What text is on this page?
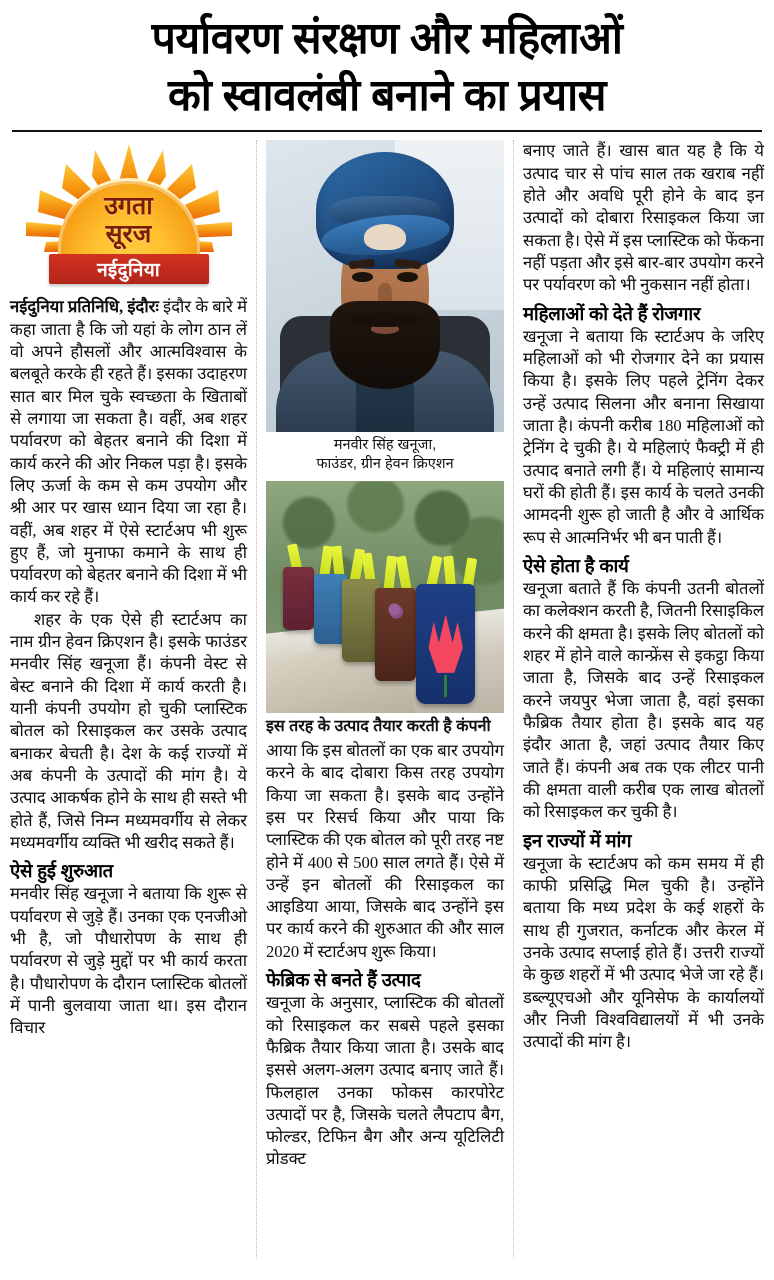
पर्यावरण संरक्षण और महिलाओं
को स्वावलंबी बनाने का प्रयास
उगता
सूरज
नईदुनिया

नईदुनिया प्रतिनिधि, इंदौरः इंदौर के बारे में कहा जाता है कि जो यहां के लोग ठान लें वो अपने हौसलों और आत्मविश्वास के बलबूते करके ही रहते हैं। इसका उदाहरण सात बार मिल चुके स्वच्छता के खिताबों से लगाया जा सकता है। वहीं, अब शहर पर्यावरण को बेहतर बनाने की दिशा में कार्य करने की ओर निकल पड़ा है। इसके लिए ऊर्जा के कम से कम उपयोग और श्री आर पर खास ध्यान दिया जा रहा है। वहीं, अब शहर में ऐसे स्टार्टअप भी शुरू हुए हैं, जो मुनाफा कमाने के साथ ही पर्यावरण को बेहतर बनाने की दिशा में भी कार्य कर रहे हैं।

शहर के एक ऐसे ही स्टार्टअप का नाम ग्रीन हेवन क्रिएशन है। इसके फाउंडर मनवीर सिंह खनूजा हैं। कंपनी वेस्ट से बेस्ट बनाने की दिशा में कार्य करती है। यानी कंपनी उपयोग हो चुकी प्लास्टिक बोतल को रिसाइकल कर उसके उत्पाद बनाकर बेचती है। देश के कई राज्यों में अब कंपनी के उत्पादों की मांग है। ये उत्पाद आकर्षक होने के साथ ही सस्ते भी होते हैं, जिसे निम्न मध्यमवर्गीय से लेकर मध्यमवर्गीय व्यक्ति भी खरीद सकते हैं।

ऐसे हुई शुरुआत

मनवीर सिंह खनूजा ने बताया कि शुरू से पर्यावरण से जुड़े हैं। उनका एक एनजीओ भी है, जो पौधारोपण के साथ ही पर्यावरण से जुड़े मुद्दों पर भी कार्य करता है। पौधारोपण के दौरान प्लास्टिक बोतलों में पानी बुलवाया जाता था। इस दौरान विचार

मनवीर सिंह खनूजा,
फाउंडर, ग्रीन हेवन क्रिएशन
इस तरह के उत्पाद तैयार करती है कंपनी

आया कि इस बोतलों का एक बार उपयोग करने के बाद दोबारा किस तरह उपयोग किया जा सकता है। इसके बाद उन्होंने इस पर रिसर्च किया और पाया कि प्लास्टिक की एक बोतल को पूरी तरह नष्ट होने में 400 से 500 साल लगते हैं। ऐसे में उन्हें इन बोतलों की रिसाइकल का आइडिया आया, जिसके बाद उन्होंने इस पर कार्य करने की शुरुआत की और साल 2020 में स्टार्टअप शुरू किया।

फेब्रिक से बनते हैं उत्पाद

खनूजा के अनुसार, प्लास्टिक की बोतलों को रिसाइकल कर सबसे पहले इसका फैब्रिक तैयार किया जाता है। उसके बाद इससे अलग-अलग उत्पाद बनाए जाते हैं। फिलहाल उनका फोकस कारपोरेट उत्पादों पर है, जिसके चलते लैपटाप बैग, फोल्डर, टिफिन बैग और अन्य यूटिलिटी प्रोडक्ट

बनाए जाते हैं। खास बात यह है कि ये उत्पाद चार से पांच साल तक खराब नहीं होते और अवधि पूरी होने के बाद इन उत्पादों को दोबारा रिसाइकल किया जा सकता है। ऐसे में इस प्लास्टिक को फेंकना नहीं पड़ता और इसे बार-बार उपयोग करने पर पर्यावरण को भी नुकसान नहीं होता।

महिलाओं को देते हैं रोजगार

खनूजा ने बताया कि स्टार्टअप के जरिए महिलाओं को भी रोजगार देने का प्रयास किया है। इसके लिए पहले ट्रेनिंग देकर उन्हें उत्पाद सिलना और बनाना सिखाया जाता है। कंपनी करीब 180 महिलाओं को ट्रेनिंग दे चुकी है। ये महिलाएं फैक्ट्री में ही उत्पाद बनाते लगी हैं। ये महिलाएं सामान्य घरों की होती हैं। इस कार्य के चलते उनकी आमदनी शुरू हो जाती है और वे आर्थिक रूप से आत्मनिर्भर भी बन पाती हैं।

ऐसे होता है कार्य

खनूजा बताते हैं कि कंपनी उतनी बोतलों का कलेक्शन करती है, जितनी रिसाइकिल करने की क्षमता है। इसके लिए बोतलों को शहर में होने वाले कान्फ्रेंस से इकट्ठा किया जाता है, जिसके बाद उन्हें रिसाइकल करने जयपुर भेजा जाता है, वहां इसका फैब्रिक तैयार होता है। इसके बाद यह इंदौर आता है, जहां उत्पाद तैयार किए जाते हैं। कंपनी अब तक एक लीटर पानी की क्षमता वाली करीब एक लाख बोतलों को रिसाइकल कर चुकी है।

इन राज्यों में मांग

खनूजा के स्टार्टअप को कम समय में ही काफी प्रसिद्धि मिल चुकी है। उन्होंने बताया कि मध्य प्रदेश के कई शहरों के साथ ही गुजरात, कर्नाटक और केरल में उनके उत्पाद सप्लाई होते हैं। उत्तरी राज्यों के कुछ शहरों में भी उत्पाद भेजे जा रहे हैं। डब्ल्यूएचओ और यूनिसेफ के कार्यालयों और निजी विश्वविद्यालयों में भी उनके उत्पादों की मांग है।
